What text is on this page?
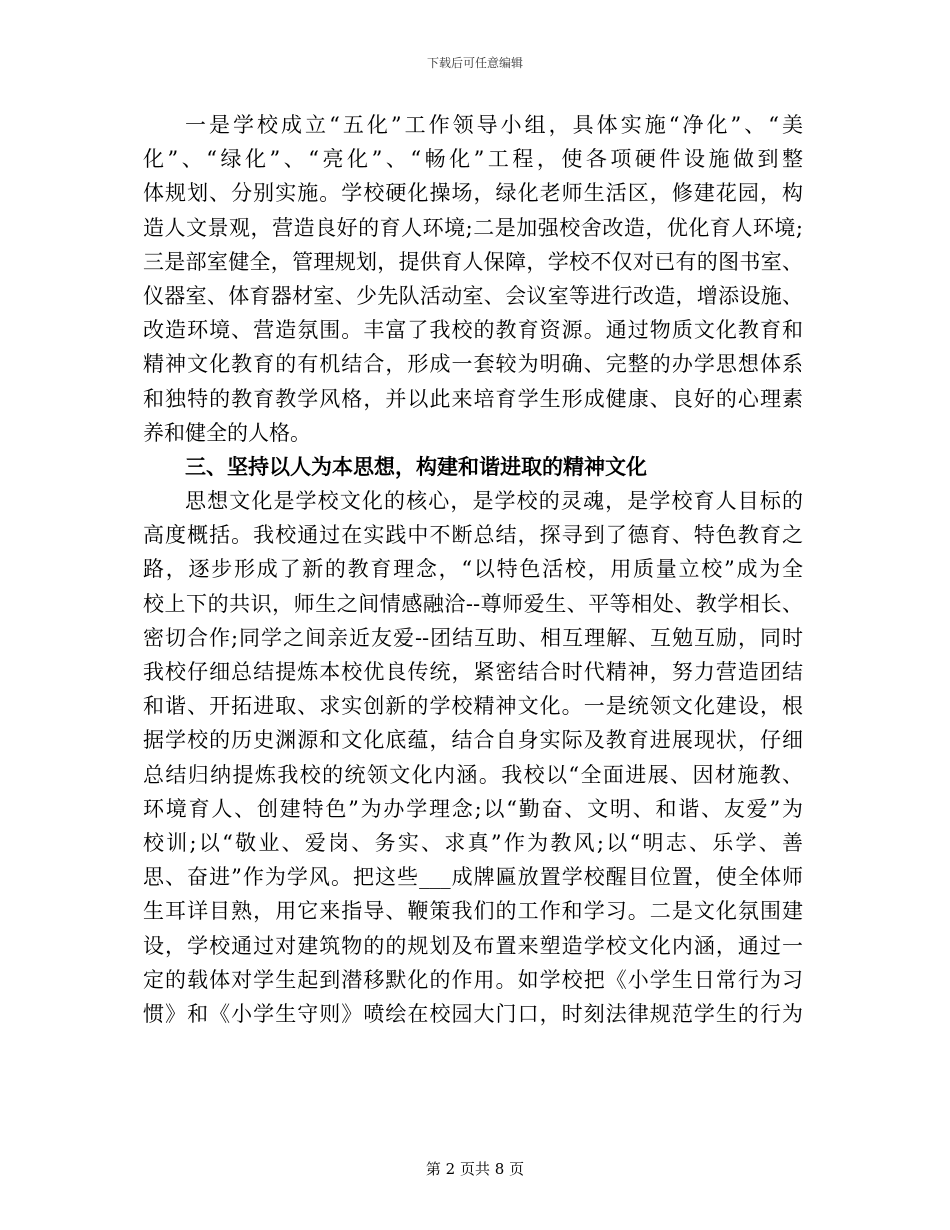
下载后可任意编辑
一是学校成立“五化”工作领导小组，具体实施“净化”、“美
化”、“绿化”、“亮化”、“畅化”工程，使各项硬件设施做到整
体规划、分别实施。学校硬化操场，绿化老师生活区，修建花园，构
造人文景观，营造良好的育人环境;二是加强校舍改造，优化育人环境;
三是部室健全，管理规划，提供育人保障，学校不仅对已有的图书室、
仪器室、体育器材室、少先队活动室、会议室等进行改造，增添设施、
改造环境、营造氛围。丰富了我校的教育资源。通过物质文化教育和
精神文化教育的有机结合，形成一套较为明确、完整的办学思想体系
和独特的教育教学风格，并以此来培育学生形成健康、良好的心理素
养和健全的人格。
三、坚持以人为本思想，构建和谐进取的精神文化
思想文化是学校文化的核心，是学校的灵魂，是学校育人目标的
高度概括。我校通过在实践中不断总结，探寻到了德育、特色教育之
路，逐步形成了新的教育理念，“以特色活校，用质量立校”成为全
校上下的共识，师生之间情感融洽--尊师爱生、平等相处、教学相长、
密切合作;同学之间亲近友爱--团结互助、相互理解、互勉互励，同时
我校仔细总结提炼本校优良传统，紧密结合时代精神，努力营造团结
和谐、开拓进取、求实创新的学校精神文化。一是统领文化建设，根
据学校的历史渊源和文化底蕴，结合自身实际及教育进展现状，仔细
总结归纳提炼我校的统领文化内涵。我校以“全面进展、因材施教、
环境育人、创建特色”为办学理念;以“勤奋、文明、和谐、友爱”为
校训;以“敬业、爱岗、务实、求真”作为教风;以“明志、乐学、善
思、奋进”作为学风。把这些___成牌匾放置学校醒目位置，使全体师
生耳详目熟，用它来指导、鞭策我们的工作和学习。二是文化氛围建
设，学校通过对建筑物的的规划及布置来塑造学校文化内涵，通过一
定的载体对学生起到潜移默化的作用。如学校把《小学生日常行为习
惯》和《小学生守则》喷绘在校园大门口，时刻法律规范学生的行为
第 2 页共 8 页
